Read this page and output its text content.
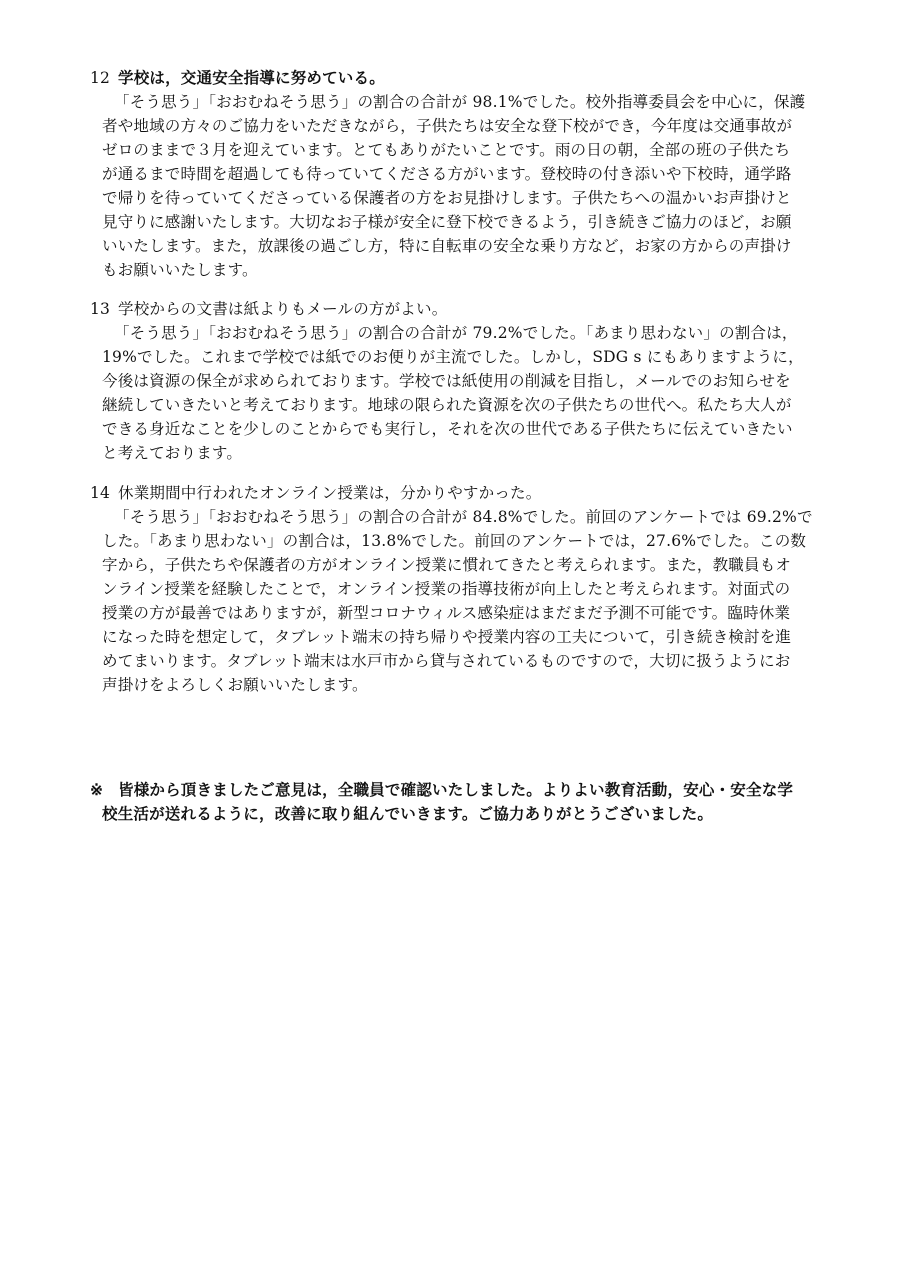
12 学校は，交通安全指導に努めている。
「そう思う」「おおむねそう思う」の割合の合計が 98.1%でした。校外指導委員会を中心に，保護
者や地域の方々のご協力をいただきながら，子供たちは安全な登下校ができ，今年度は交通事故が
ゼロのままで３月を迎えています。とてもありがたいことです。雨の日の朝，全部の班の子供たち
が通るまで時間を超過しても待っていてくださる方がいます。登校時の付き添いや下校時，通学路
で帰りを待っていてくださっている保護者の方をお見掛けします。子供たちへの温かいお声掛けと
見守りに感謝いたします。大切なお子様が安全に登下校できるよう，引き続きご協力のほど，お願
いいたします。また，放課後の過ごし方，特に自転車の安全な乗り方など，お家の方からの声掛け
もお願いいたします。
13 学校からの文書は紙よりもメールの方がよい。
「そう思う」「おおむねそう思う」の割合の合計が 79.2%でした。「あまり思わない」の割合は，
19%でした。これまで学校では紙でのお便りが主流でした。しかし，SDG s にもありますように，
今後は資源の保全が求められております。学校では紙使用の削減を目指し，メールでのお知らせを
継続していきたいと考えております。地球の限られた資源を次の子供たちの世代へ。私たち大人が
できる身近なことを少しのことからでも実行し，それを次の世代である子供たちに伝えていきたい
と考えております。
14 休業期間中行われたオンライン授業は，分かりやすかった。
「そう思う」「おおむねそう思う」の割合の合計が 84.8%でした。前回のアンケートでは 69.2%で
した。「あまり思わない」の割合は，13.8%でした。前回のアンケートでは，27.6%でした。この数
字から，子供たちや保護者の方がオンライン授業に慣れてきたと考えられます。また，教職員もオ
ンライン授業を経験したことで，オンライン授業の指導技術が向上したと考えられます。対面式の
授業の方が最善ではありますが，新型コロナウィルス感染症はまだまだ予測不可能です。臨時休業
になった時を想定して，タブレット端末の持ち帰りや授業内容の工夫について，引き続き検討を進
めてまいります。タブレット端末は水戸市から貸与されているものですので，大切に扱うようにお
声掛けをよろしくお願いいたします。
※ 皆様から頂きましたご意見は，全職員で確認いたしました。よりよい教育活動，安心・安全な学
校生活が送れるように，改善に取り組んでいきます。ご協力ありがとうございました。
